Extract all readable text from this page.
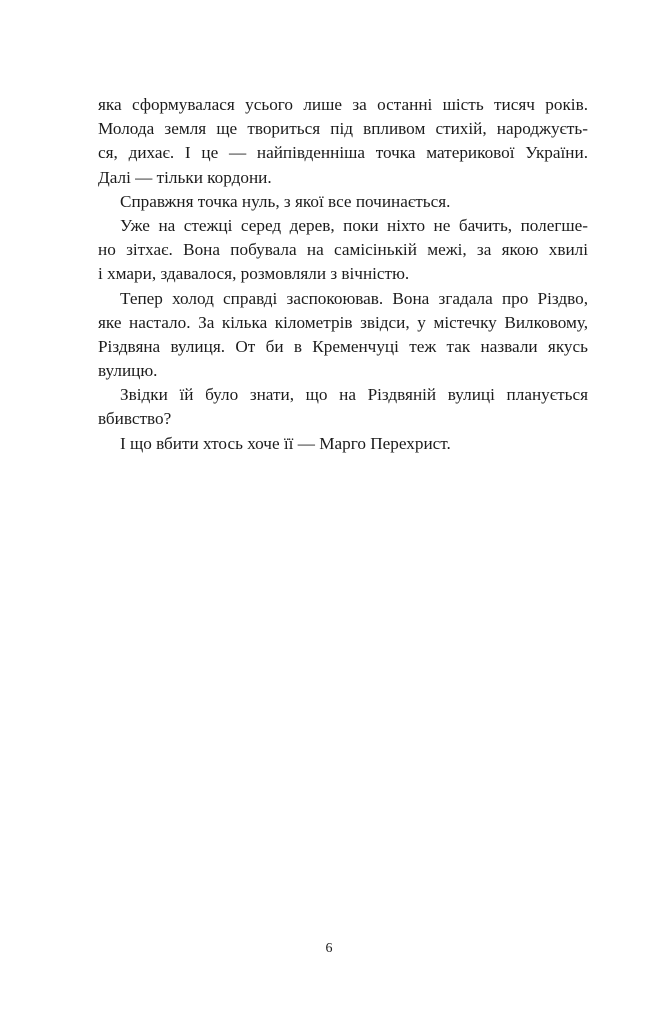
яка сформувалася усього лише за останні шість тисяч років.
Молода земля ще твориться під впливом стихій, народжуєть-
ся, дихає. І це — найпівденніша точка материкової України.
Далі — тільки кордони.
Справжня точка нуль, з якої все починається.
Уже на стежці серед дерев, поки ніхто не бачить, полегше-
но зітхає. Вона побувала на самісінькій межі, за якою хвилі
і хмари, здавалося, розмовляли з вічністю.
Тепер холод справді заспокоював. Вона згадала про Різдво,
яке настало. За кілька кілометрів звідси, у містечку Вилковому,
Різдвяна вулиця. От би в Кременчуці теж так назвали якусь
вулицю.
Звідки їй було знати, що на Різдвяній вулиці планується
вбивство?
І що вбити хтось хоче її — Марго Перехрист.
6
